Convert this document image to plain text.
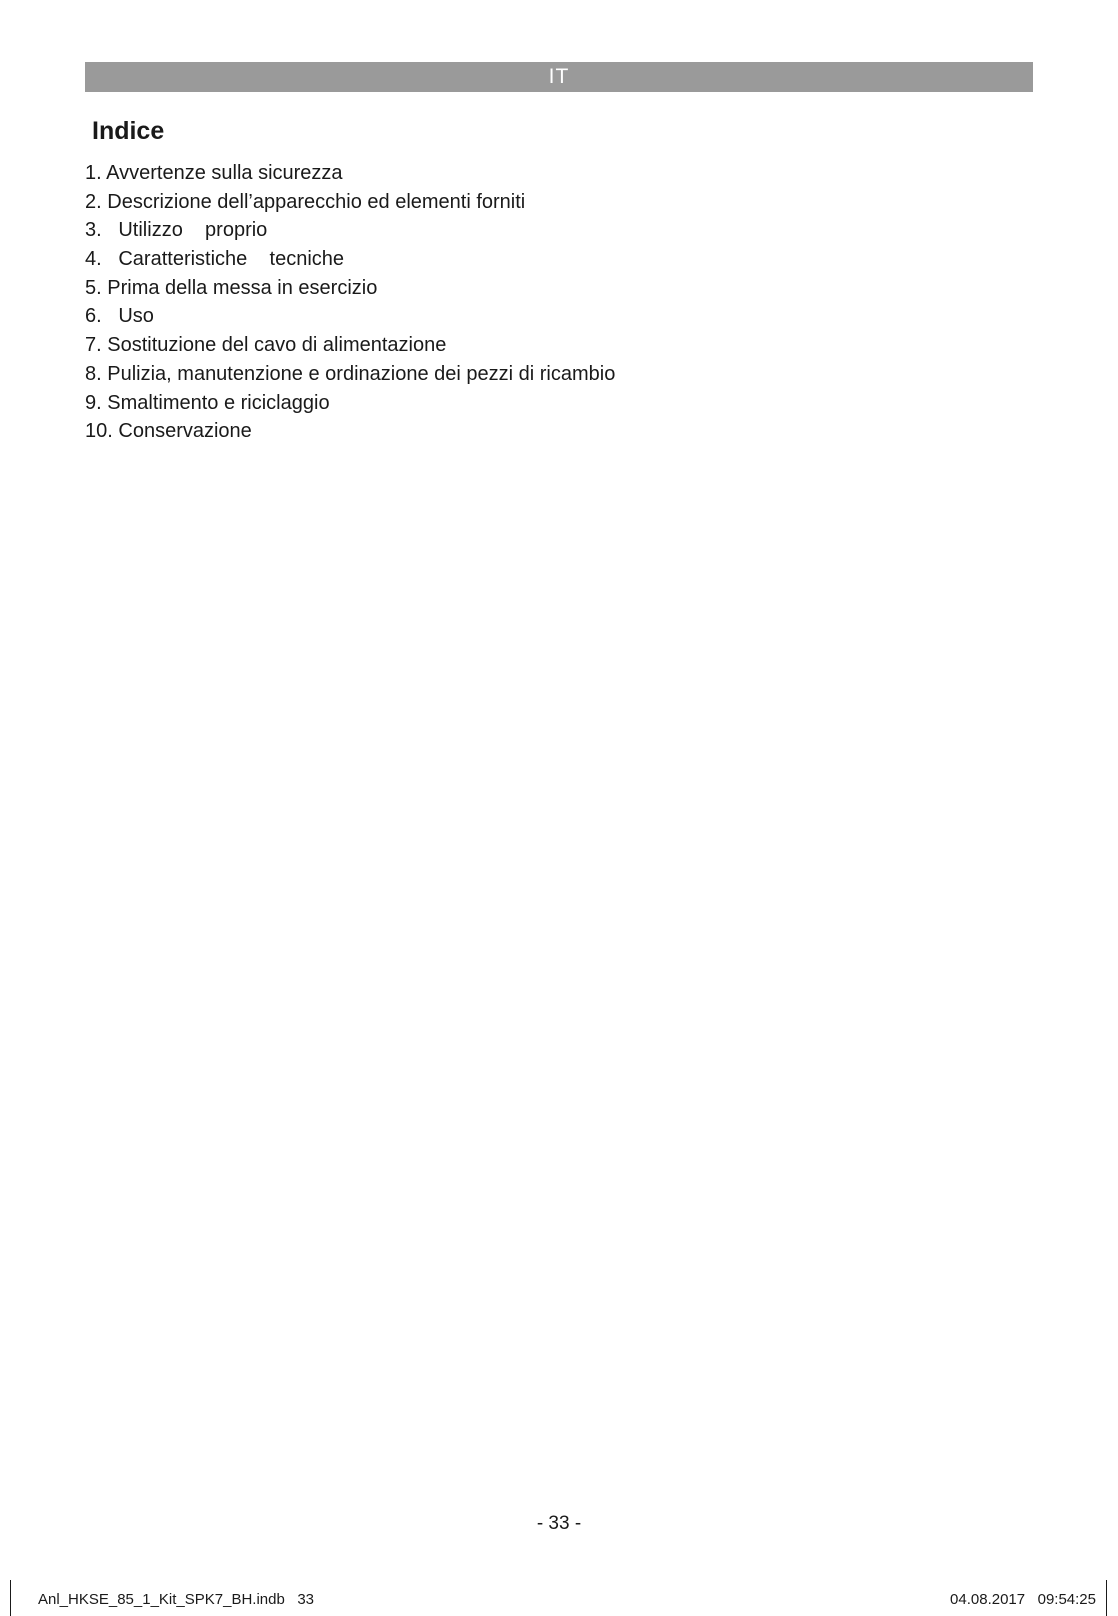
IT
Indice
1. Avvertenze sulla sicurezza
2. Descrizione dell’apparecchio ed elementi forniti
3.   Utilizzo    proprio
4.   Caratteristiche    tecniche
5. Prima della messa in esercizio
6.   Uso
7. Sostituzione del cavo di alimentazione
8. Pulizia, manutenzione e ordinazione dei pezzi di ricambio
9. Smaltimento e riciclaggio
10. Conservazione
- 33 -
Anl_HKSE_85_1_Kit_SPK7_BH.indb   33	04.08.2017   09:54:25
